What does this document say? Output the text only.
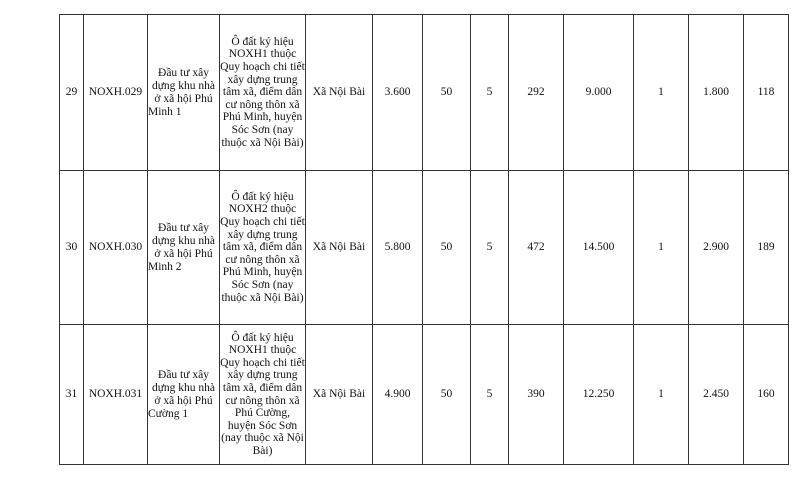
29	NOXH.029	Đầu tư xây dựng khu nhà ở xã hội Phú Minh 1	Ô đất ký hiệu NOXH1 thuộc Quy hoạch chi tiết xây dựng trung tâm xã, điểm dân cư nông thôn xã Phú Minh, huyện Sóc Sơn (nay thuộc xã Nội Bài)	Xã Nội Bài	3.600	50	5	292	9.000	1	1.800	118
30	NOXH.030	Đầu tư xây dựng khu nhà ở xã hội Phú Minh 2	Ô đất ký hiệu NOXH2 thuộc Quy hoạch chi tiết xây dựng trung tâm xã, điểm dân cư nông thôn xã Phú Minh, huyện Sóc Sơn (nay thuộc xã Nội Bài)	Xã Nội Bài	5.800	50	5	472	14.500	1	2.900	189
31	NOXH.031	Đầu tư xây dựng khu nhà ở xã hội Phú Cường 1	Ô đất ký hiệu NOXH1 thuộc Quy hoạch chi tiết xây dựng trung tâm xã, điểm dân cư nông thôn xã Phú Cường, huyện Sóc Sơn (nay thuộc xã Nội Bài)	Xã Nội Bài	4.900	50	5	390	12.250	1	2.450	160
